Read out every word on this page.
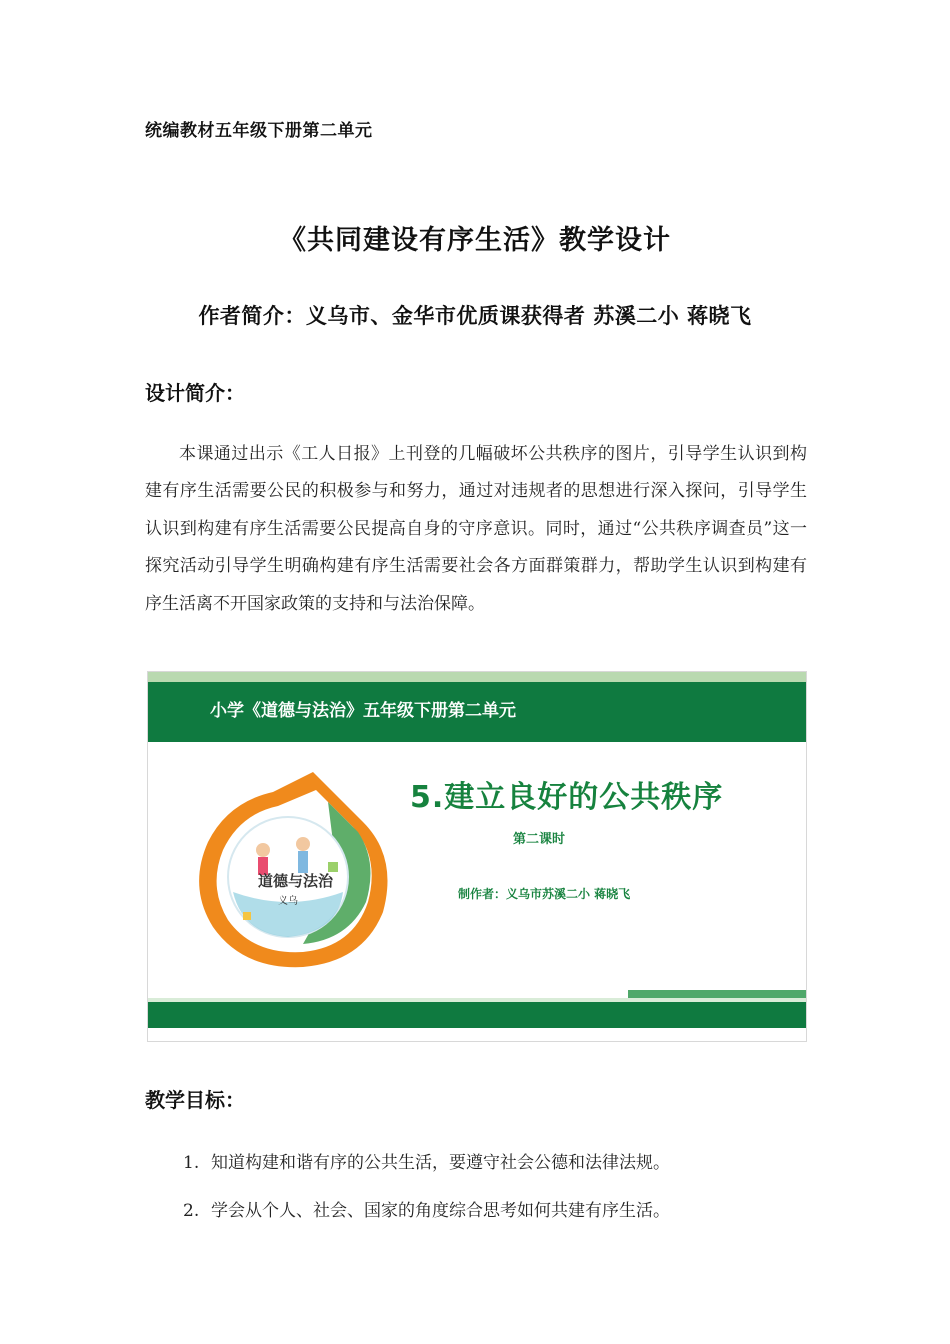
统编教材五年级下册第二单元
《共同建设有序生活》教学设计
作者简介：义乌市、金华市优质课获得者 苏溪二小 蒋晓飞
设计简介：
本课通过出示《工人日报》上刊登的几幅破坏公共秩序的图片，引导学生认识到构建有序生活需要公民的积极参与和努力，通过对违规者的思想进行深入探问，引导学生认识到构建有序生活需要公民提高自身的守序意识。同时，通过“公共秩序调查员”这一探究活动引导学生明确构建有序生活需要社会各方面群策群力，帮助学生认识到构建有序生活离不开国家政策的支持和与法治保障。
小学《道德与法治》五年级下册第二单元
道德与法治
义乌
5.建立良好的公共秩序
第二课时
制作者：义乌市苏溪二小 蒋晓飞
教学目标：
1. 知道构建和谐有序的公共生活，要遵守社会公德和法律法规。
2. 学会从个人、社会、国家的角度综合思考如何共建有序生活。
